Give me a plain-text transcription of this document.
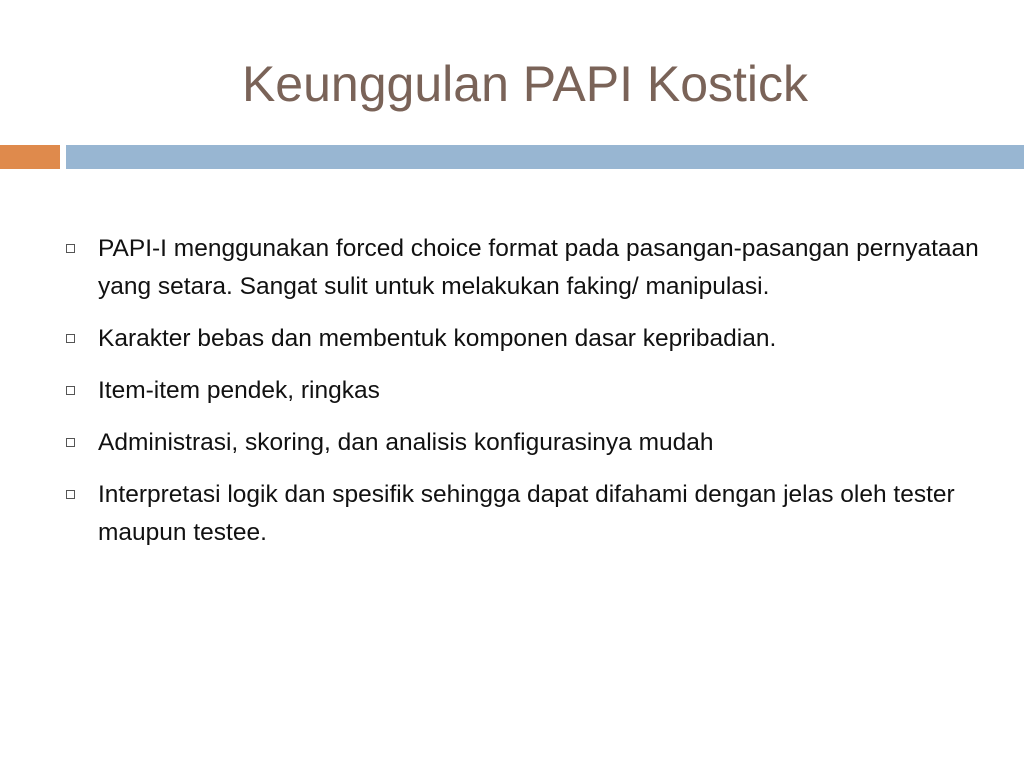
Keunggulan PAPI Kostick
PAPI-I menggunakan forced choice format pada pasangan-pasangan pernyataan yang setara. Sangat sulit untuk melakukan faking/ manipulasi.
Karakter bebas dan membentuk komponen dasar kepribadian.
Item-item pendek, ringkas
Administrasi, skoring, dan analisis konfigurasinya mudah
Interpretasi logik dan spesifik sehingga dapat difahami dengan jelas oleh tester maupun testee.
